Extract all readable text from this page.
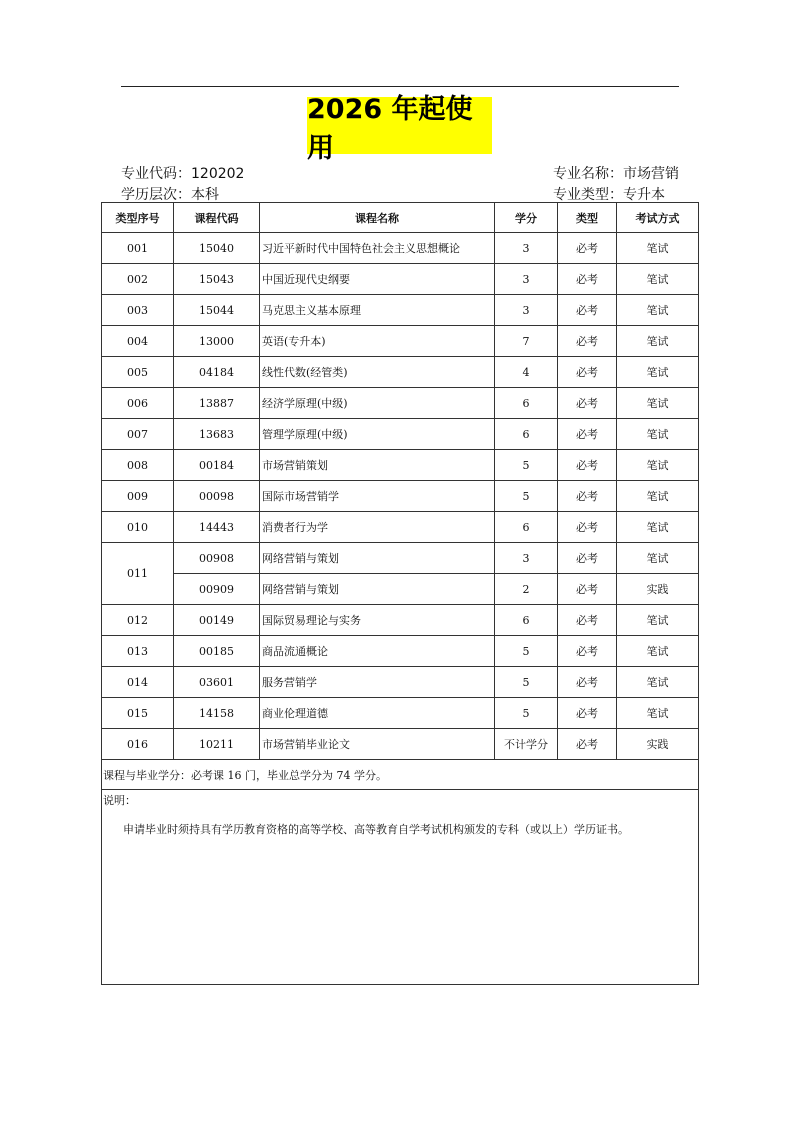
2026 年起使用
专业代码：120202
学历层次：本科
专业名称：市场营销
专业类型：专升本
类型序号	课程代码	课程名称	学分	类型	考试方式
001	15040	习近平新时代中国特色社会主义思想概论	3	必考	笔试
002	15043	中国近现代史纲要	3	必考	笔试
003	15044	马克思主义基本原理	3	必考	笔试
004	13000	英语(专升本)	7	必考	笔试
005	04184	线性代数(经管类)	4	必考	笔试
006	13887	经济学原理(中级)	6	必考	笔试
007	13683	管理学原理(中级)	6	必考	笔试
008	00184	市场营销策划	5	必考	笔试
009	00098	国际市场营销学	5	必考	笔试
010	14443	消费者行为学	6	必考	笔试
011	00908	网络营销与策划	3	必考	笔试
	00909	网络营销与策划	2	必考	实践
012	00149	国际贸易理论与实务	6	必考	笔试
013	00185	商品流通概论	5	必考	笔试
014	03601	服务营销学	5	必考	笔试
015	14158	商业伦理道德	5	必考	笔试
016	10211	市场营销毕业论文	不计学分	必考	实践
课程与毕业学分：必考课 16 门，毕业总学分为 74 学分。					

说明：
申请毕业时须持具有学历教育资格的高等学校、高等教育自学考试机构颁发的专科（或以上）学历证书。					
